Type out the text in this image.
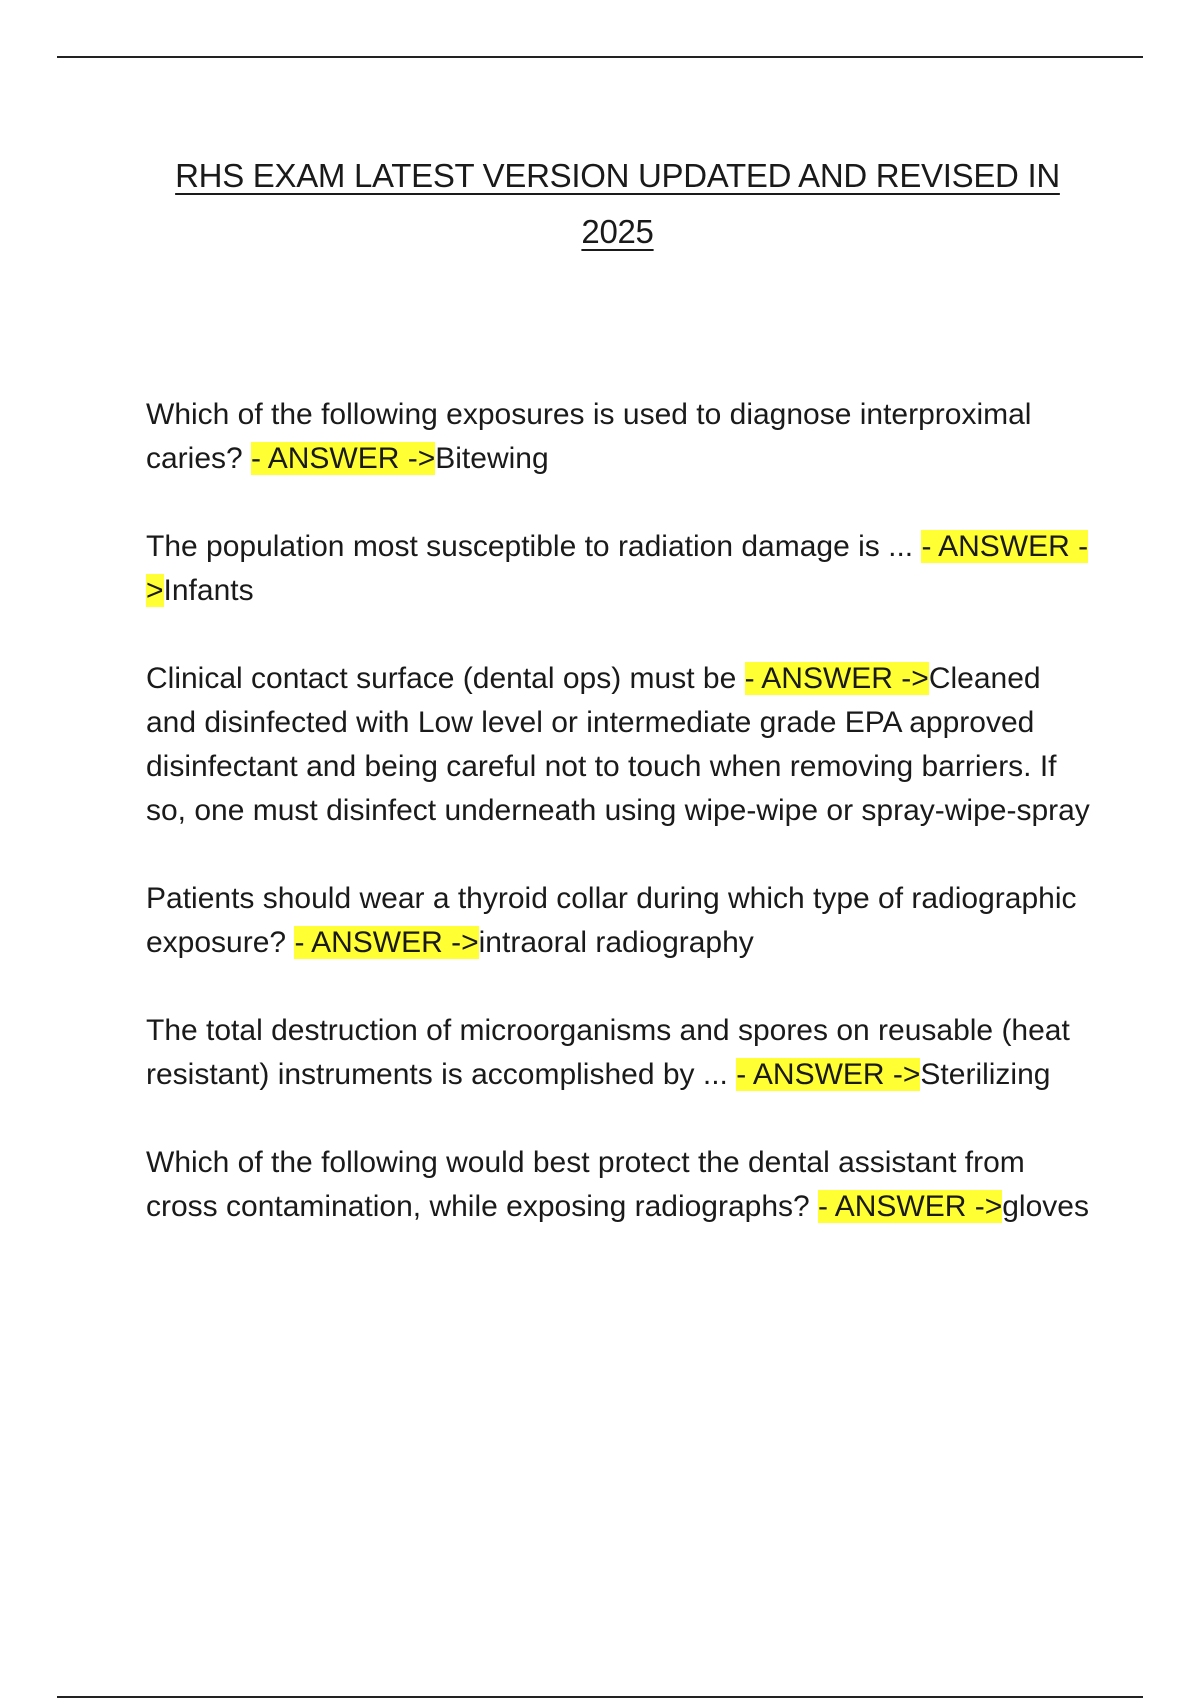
RHS EXAM LATEST VERSION UPDATED AND REVISED IN 2025
Which of the following exposures is used to diagnose interproximal caries? - ANSWER ->Bitewing
The population most susceptible to radiation damage is ... - ANSWER ->Infants
Clinical contact surface (dental ops) must be - ANSWER ->Cleaned and disinfected with Low level or intermediate grade EPA approved disinfectant and being careful not to touch when removing barriers. If so, one must disinfect underneath using wipe-wipe or spray-wipe-spray
Patients should wear a thyroid collar during which type of radiographic exposure? - ANSWER ->intraoral radiography
The total destruction of microorganisms and spores on reusable (heat resistant) instruments is accomplished by ... - ANSWER ->Sterilizing
Which of the following would best protect the dental assistant from cross contamination, while exposing radiographs? - ANSWER ->gloves
